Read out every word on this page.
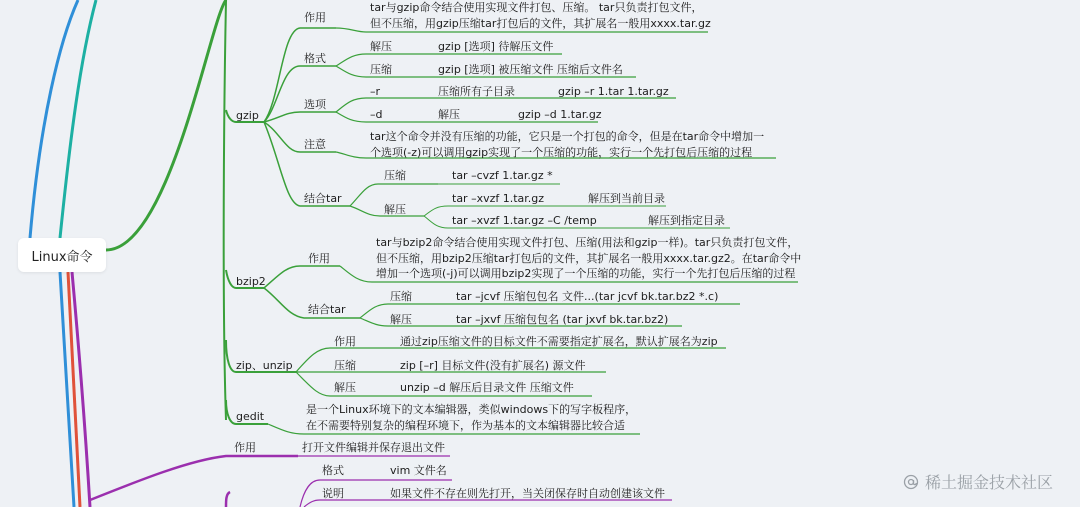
Linux命令
gzip
作用
tar与gzip命令结合使用实现文件打包、压缩。 tar只负责打包文件，
但不压缩，用gzip压缩tar打包后的文件，其扩展名一般用xxxx.tar.gz
格式
解压	gzip [选项] 待解压文件
压缩	gzip [选项] 被压缩文件 压缩后文件名
选项
–r	压缩所有子目录	gzip –r 1.tar 1.tar.gz
–d	解压	gzip –d 1.tar.gz
注意
tar这个命令并没有压缩的功能，它只是一个打包的命令，但是在tar命令中增加一
个选项(-z)可以调用gzip实现了一个压缩的功能，实行一个先打包后压缩的过程
结合tar
压缩	tar –cvzf 1.tar.gz *
解压
tar –xvzf 1.tar.gz	解压到当前目录
tar –xvzf 1.tar.gz –C /temp	解压到指定目录
bzip2
作用
tar与bzip2命令结合使用实现文件打包、压缩(用法和gzip一样)。tar只负责打包文件，
但不压缩，用bzip2压缩tar打包后的文件，其扩展名一般用xxxx.tar.gz2。在tar命令中
增加一个选项(-j)可以调用bzip2实现了一个压缩的功能，实行一个先打包后压缩的过程
结合tar
压缩	tar –jcvf 压缩包包名 文件...(tar jcvf bk.tar.bz2 *.c)
解压	tar –jxvf 压缩包包名 (tar jxvf bk.tar.bz2)
zip、unzip
作用	通过zip压缩文件的目标文件不需要指定扩展名，默认扩展名为zip
压缩	zip [–r] 目标文件(没有扩展名) 源文件
解压	unzip –d 解压后目录文件 压缩文件
gedit
是一个Linux环境下的文本编辑器，类似windows下的写字板程序，
在不需要特别复杂的编程环境下，作为基本的文本编辑器比较合适
作用	打开文件编辑并保存退出文件
格式	vim 文件名
说明	如果文件不存在则先打开，当关闭保存时自动创建该文件
稀土掘金技术社区
